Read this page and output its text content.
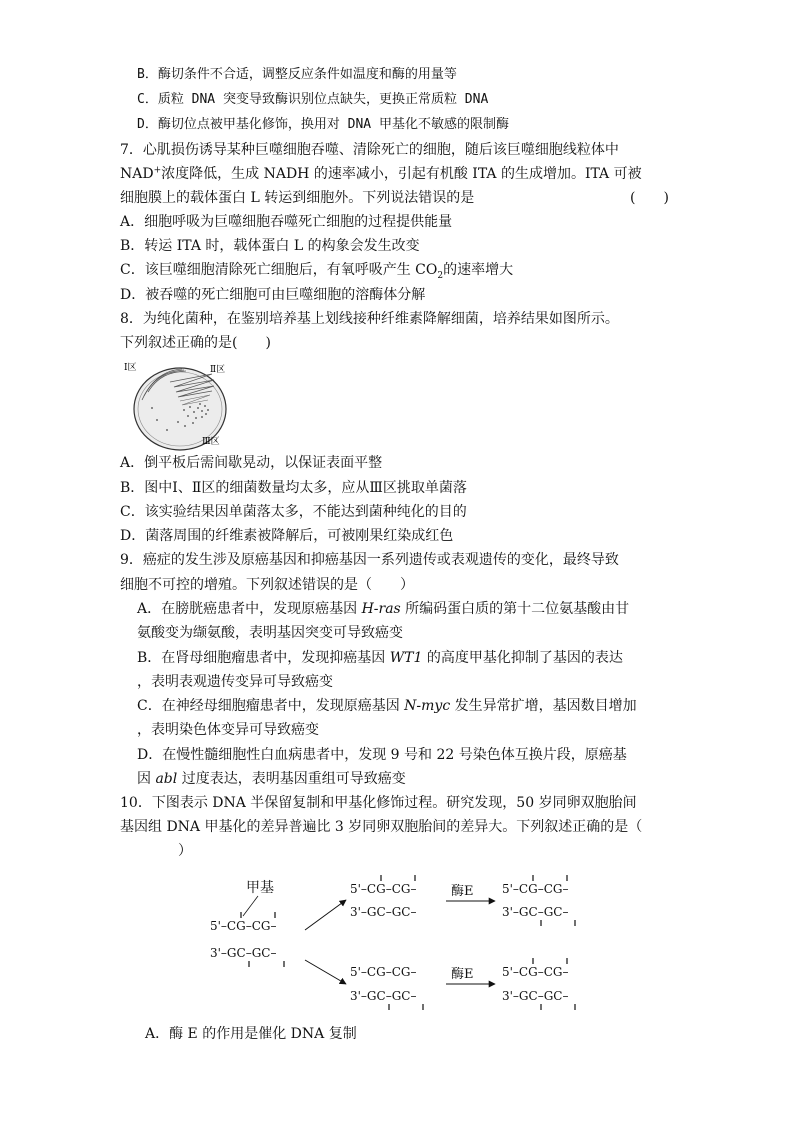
B．酶切条件不合适，调整反应条件如温度和酶的用量等
C．质粒 DNA 突变导致酶识别位点缺失，更换正常质粒 DNA
D．酶切位点被甲基化修饰，换用对 DNA 甲基化不敏感的限制酶
7．心肌损伤诱导某种巨噬细胞吞噬、清除死亡的细胞，随后该巨噬细胞线粒体中
NAD+浓度降低，生成 NADH 的速率减小，引起有机酸 ITA 的生成增加。ITA 可被
细胞膜上的载体蛋白 L 转运到细胞外。下列说法错误的是	(　　)
A．细胞呼吸为巨噬细胞吞噬死亡细胞的过程提供能量
B．转运 ITA 时，载体蛋白 L 的构象会发生改变
C．该巨噬细胞清除死亡细胞后，有氧呼吸产生 $CO_2$的速率增大
D．被吞噬的死亡细胞可由巨噬细胞的溶酶体分解
8．为纯化菌种，在鉴别培养基上划线接种纤维素降解细菌，培养结果如图所示。
下列叙述正确的是(　　)
Ⅰ区	Ⅱ区
Ⅲ区
A．倒平板后需间歇晃动，以保证表面平整
B．图中Ⅰ、Ⅱ区的细菌数量均太多，应从Ⅲ区挑取单菌落
C．该实验结果因单菌落太多，不能达到菌种纯化的目的
D．菌落周围的纤维素被降解后，可被刚果红染成红色
9．癌症的发生涉及原癌基因和抑癌基因一系列遗传或表观遗传的变化，最终导致
细胞不可控的增殖。下列叙述错误的是（　　）
A．在膀胱癌患者中，发现原癌基因 H-ras 所编码蛋白质的第十二位氨基酸由甘
氨酸变为缬氨酸，表明基因突变可导致癌变
B．在肾母细胞瘤患者中，发现抑癌基因 WT1 的高度甲基化抑制了基因的表达
，表明表观遗传变异可导致癌变
C．在神经母细胞瘤患者中，发现原癌基因 N-myc 发生异常扩增，基因数目增加
，表明染色体变异可导致癌变
D．在慢性髓细胞性白血病患者中，发现 9 号和 22 号染色体互换片段，原癌基
因 abl 过度表达，表明基因重组可导致癌变
10．下图表示 DNA 半保留复制和甲基化修饰过程。研究发现，50 岁同卵双胞胎间
基因组 DNA 甲基化的差异普遍比 3 岁同卵双胞胎间的差异大。下列叙述正确的是（
）
甲基
5'–CG–CG–
3'–GC–GC–
5'–CG–CG–
3'–GC–GC–
5'–CG–CG–
3'–GC–GC–
酶E
酶E
5'–CG–CG–
3'–GC–GC–
5'–CG–CG–
3'–GC–GC–
A．酶 E 的作用是催化 DNA 复制
